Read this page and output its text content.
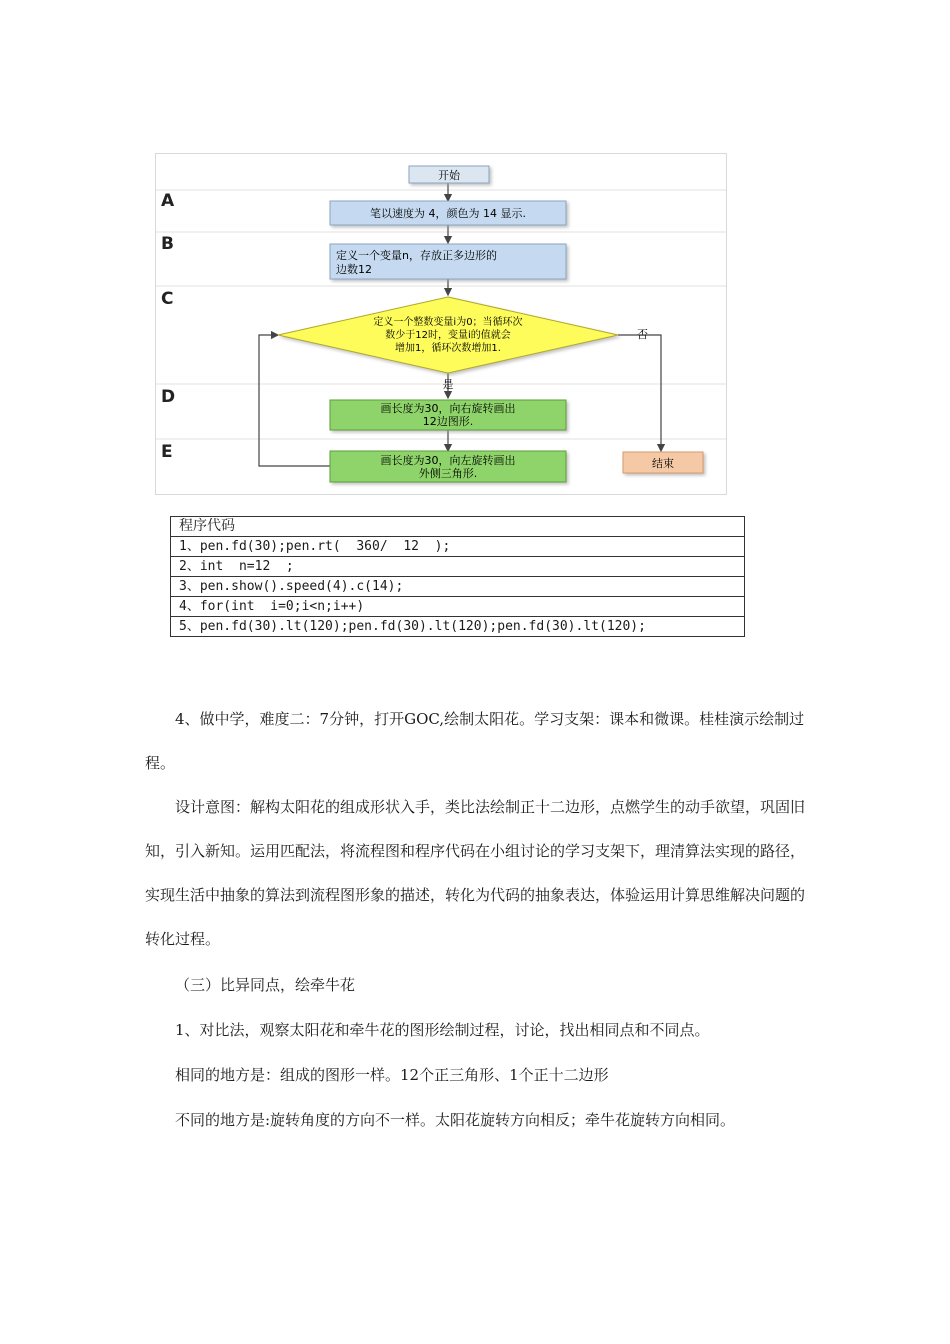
A
B
C
D
E
开始
笔以速度为 4，颜色为 14 显示.
定义一个变量n，存放正多边形的
边数12
定义一个整数变量i为0；当循环次
数少于12时，变量i的值就会
增加1，循环次数增加1.
是
否
画长度为30，向右旋转画出
12边图形.
画长度为30，向左旋转画出
外侧三角形.
结束
程序代码
1、pen.fd(30);pen.rt(  360/  12  );
2、int  n=12  ;
3、pen.show().speed(4).c(14);
4、for(int  i=0;i<n;i++)
5、pen.fd(30).lt(120);pen.fd(30).lt(120);pen.fd(30).lt(120);

4、做中学，难度二：7分钟，打开GOC,绘制太阳花。学习支架：课本和微课。桂桂演示绘制过程。

设计意图：解构太阳花的组成形状入手，类比法绘制正十二边形，点燃学生的动手欲望，巩固旧知，引入新知。运用匹配法，将流程图和程序代码在小组讨论的学习支架下，理清算法实现的路径，实现生活中抽象的算法到流程图形象的描述，转化为代码的抽象表达，体验运用计算思维解决问题的转化过程。

（三）比异同点，绘牵牛花

1、对比法，观察太阳花和牵牛花的图形绘制过程，讨论，找出相同点和不同点。

相同的地方是：组成的图形一样。12个正三角形、1个正十二边形

不同的地方是:旋转角度的方向不一样。太阳花旋转方向相反；牵牛花旋转方向相同。
